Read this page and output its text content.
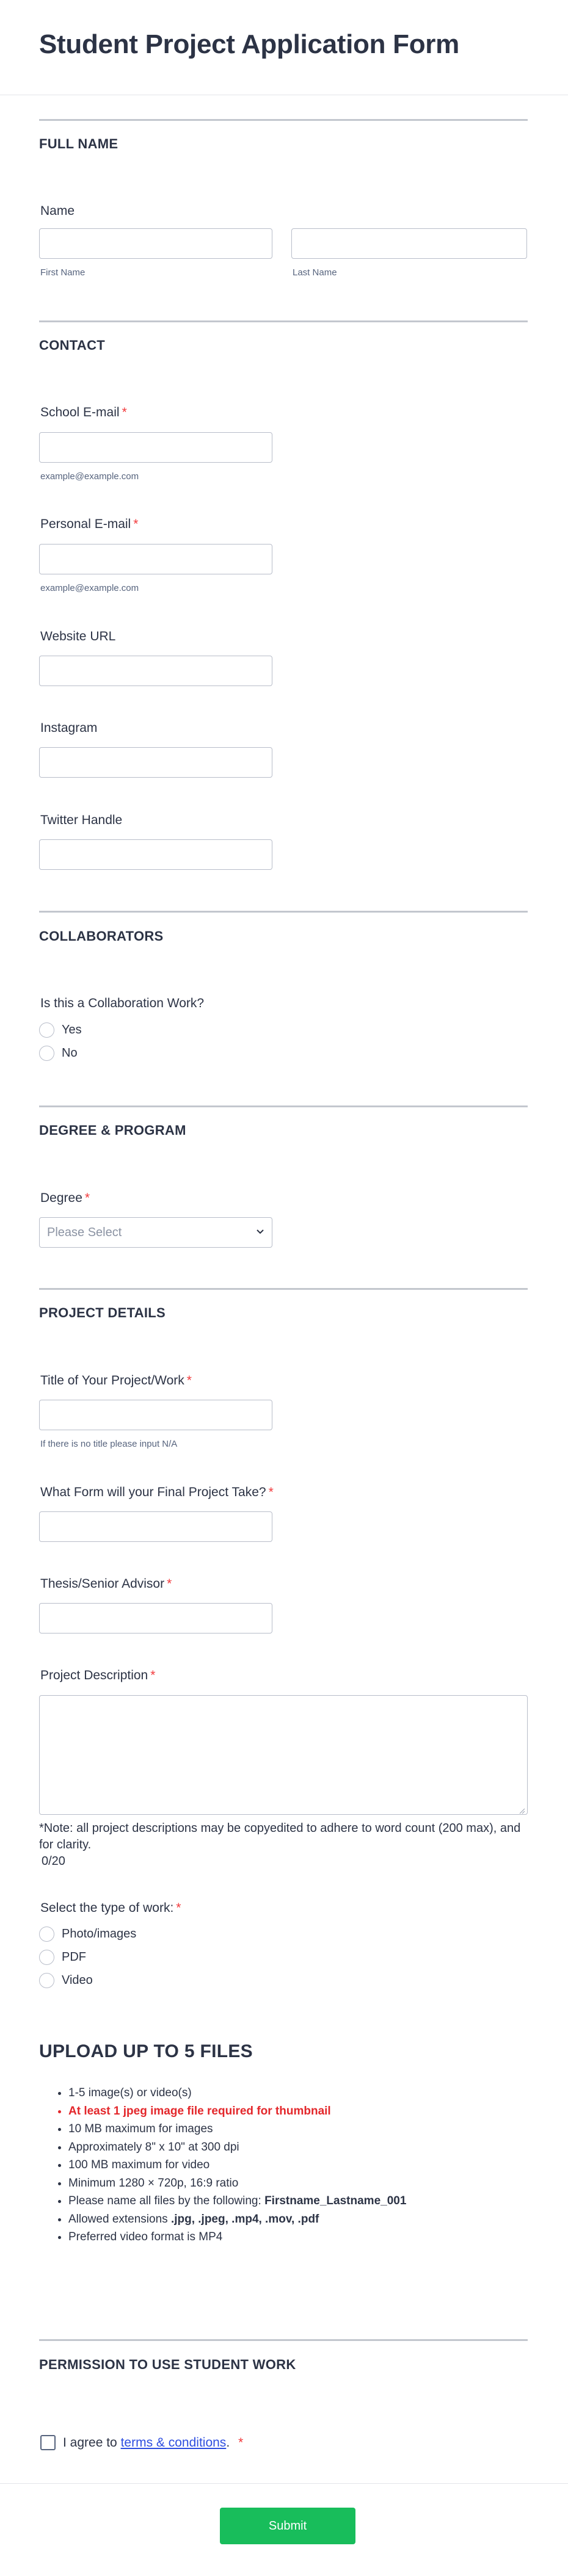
Student Project Application Form
FULL NAME
Name
First Name	Last Name
CONTACT
School E-mail *
example@example.com
Personal E-mail *
example@example.com
Website URL
Instagram
Twitter Handle
COLLABORATORS
Is this a Collaboration Work?
Yes
No
DEGREE & PROGRAM
Degree *
Please Select
PROJECT DETAILS
Title of Your Project/Work *
If there is no title please input N/A
What Form will your Final Project Take? *
Thesis/Senior Advisor *
Project Description *
*Note: all project descriptions may be copyedited to adhere to word count (200 max), and for clarity.
0/20
Select the type of work: *
Photo/images
PDF
Video
UPLOAD UP TO 5 FILES
• 1-5 image(s) or video(s)
• At least 1 jpeg image file required for thumbnail
• 10 MB maximum for images
• Approximately 8" x 10" at 300 dpi
• 100 MB maximum for video
• Minimum 1280 × 720p, 16:9 ratio
• Please name all files by the following: Firstname_Lastname_001
• Allowed extensions .jpg, .jpeg, .mp4, .mov, .pdf
• Preferred video format is MP4
PERMISSION TO USE STUDENT WORK
I agree to terms & conditions. *
Submit
